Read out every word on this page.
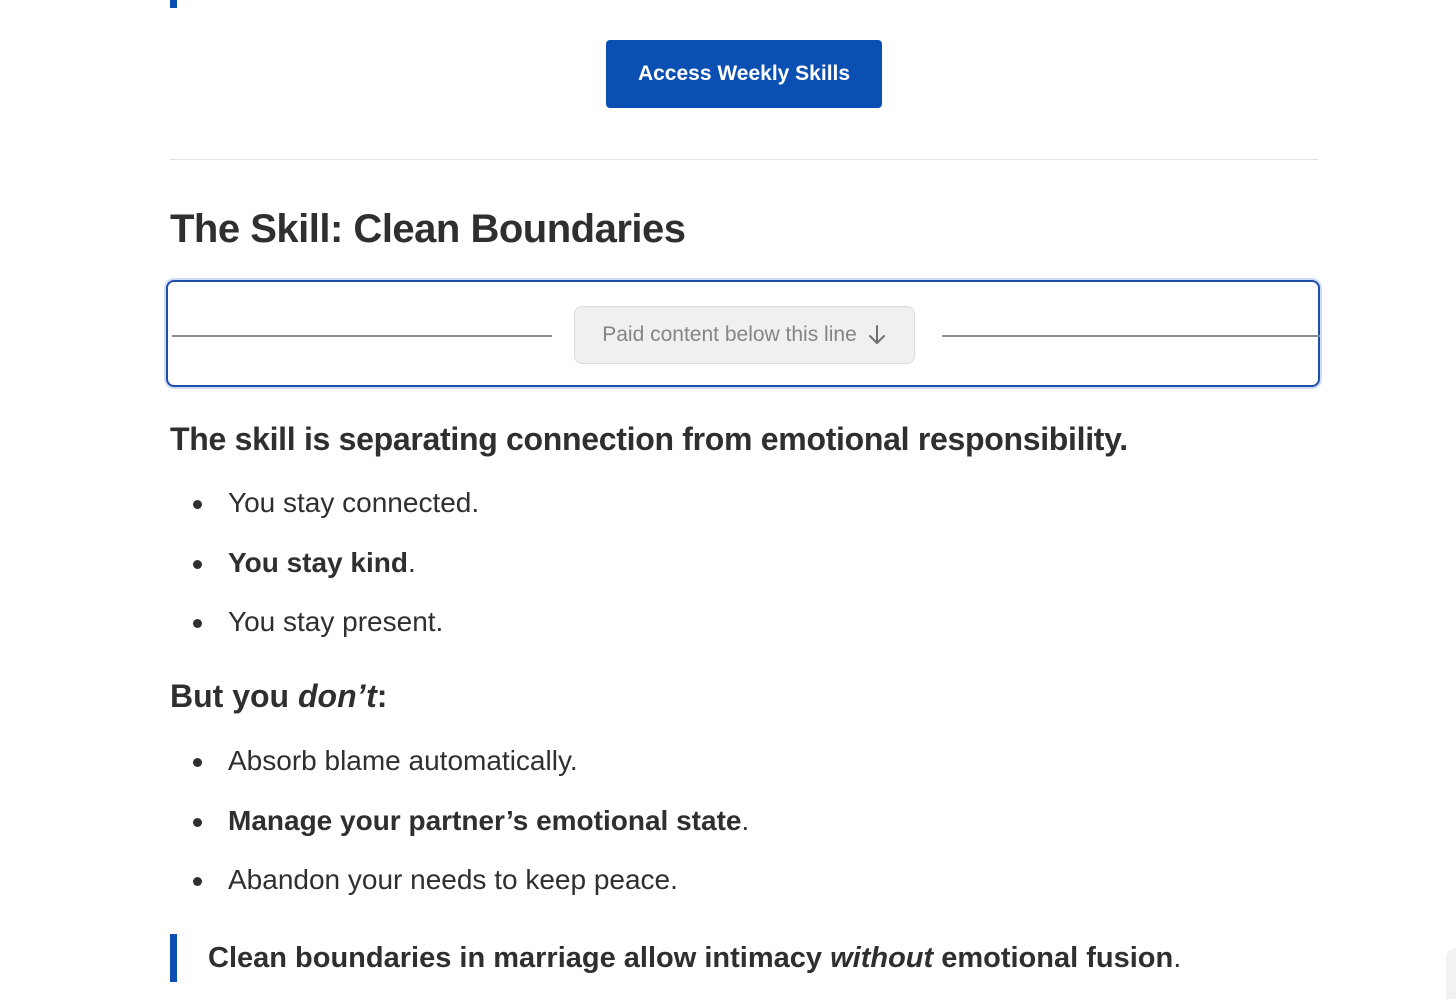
Access Weekly Skills
The Skill: Clean Boundaries
Paid content below this line

The skill is separating connection from emotional responsibility.

You stay connected.
You stay kind.
You stay present.

But you don’t:

Absorb blame automatically.
Manage your partner’s emotional state.
Abandon your needs to keep peace.
Clean boundaries in marriage allow intimacy without emotional fusion.
